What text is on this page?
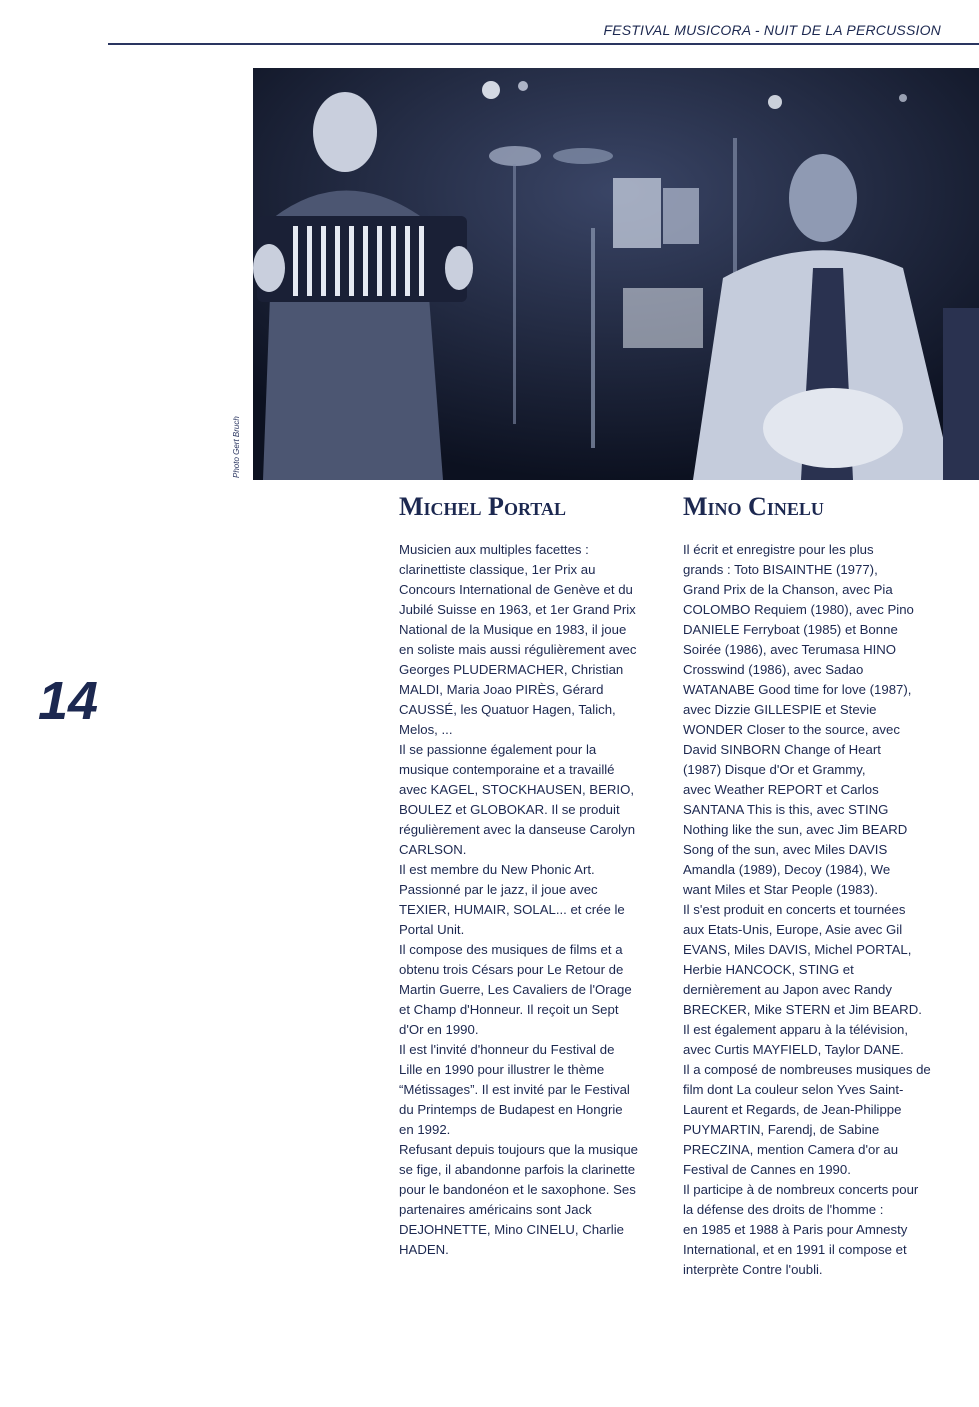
FESTIVAL MUSICORA - NUIT DE LA PERCUSSION
Photo Gert Bruch
14
Michel Portal
Musicien aux multiples facettes :
clarinettiste classique, 1er Prix au
Concours International de Genève et du
Jubilé Suisse en 1963, et 1er Grand Prix
National de la Musique en 1983, il joue
en soliste mais aussi régulièrement avec
Georges PLUDERMACHER, Christian
MALDI, Maria Joao PIRÈS, Gérard
CAUSSÉ, les Quatuor Hagen, Talich,
Melos, ...
Il se passionne également pour la
musique contemporaine et a travaillé
avec KAGEL, STOCKHAUSEN, BERIO,
BOULEZ et GLOBOKAR. Il se produit
régulièrement avec la danseuse Carolyn
CARLSON.
Il est membre du New Phonic Art.
Passionné par le jazz, il joue avec
TEXIER, HUMAIR, SOLAL... et crée le
Portal Unit.
Il compose des musiques de films et a
obtenu trois Césars pour Le Retour de
Martin Guerre, Les Cavaliers de l'Orage
et Champ d'Honneur. Il reçoit un Sept
d'Or en 1990.
Il est l'invité d'honneur du Festival de
Lille en 1990 pour illustrer le thème
“Métissages”. Il est invité par le Festival
du Printemps de Budapest en Hongrie
en 1992.
Refusant depuis toujours que la musique
se fige, il abandonne parfois la clarinette
pour le bandonéon et le saxophone. Ses
partenaires américains sont Jack
DEJOHNETTE, Mino CINELU, Charlie
HADEN.
Mino Cinelu
Il écrit et enregistre pour les plus
grands : Toto BISAINTHE (1977),
Grand Prix de la Chanson, avec Pia
COLOMBO Requiem (1980), avec Pino
DANIELE Ferryboat (1985) et Bonne
Soirée (1986), avec Terumasa HINO
Crosswind (1986), avec Sadao
WATANABE Good time for love (1987),
avec Dizzie GILLESPIE et Stevie
WONDER Closer to the source, avec
David SINBORN Change of Heart
(1987) Disque d'Or et Grammy,
avec Weather REPORT et Carlos
SANTANA This is this, avec STING
Nothing like the sun, avec Jim BEARD
Song of the sun, avec Miles DAVIS
Amandla (1989), Decoy (1984), We
want Miles et Star People (1983).
Il s'est produit en concerts et tournées
aux Etats-Unis, Europe, Asie avec Gil
EVANS, Miles DAVIS, Michel PORTAL,
Herbie HANCOCK, STING et
dernièrement au Japon avec Randy
BRECKER, Mike STERN et Jim BEARD.
Il est également apparu à la télévision,
avec Curtis MAYFIELD, Taylor DANE.
Il a composé de nombreuses musiques de
film dont La couleur selon Yves Saint-
Laurent et Regards, de Jean-Philippe
PUYMARTIN, Farendj, de Sabine
PRECZINA, mention Camera d'or au
Festival de Cannes en 1990.
Il participe à de nombreux concerts pour
la défense des droits de l'homme :
en 1985 et 1988 à Paris pour Amnesty
International, et en 1991 il compose et
interprète Contre l'oubli.
